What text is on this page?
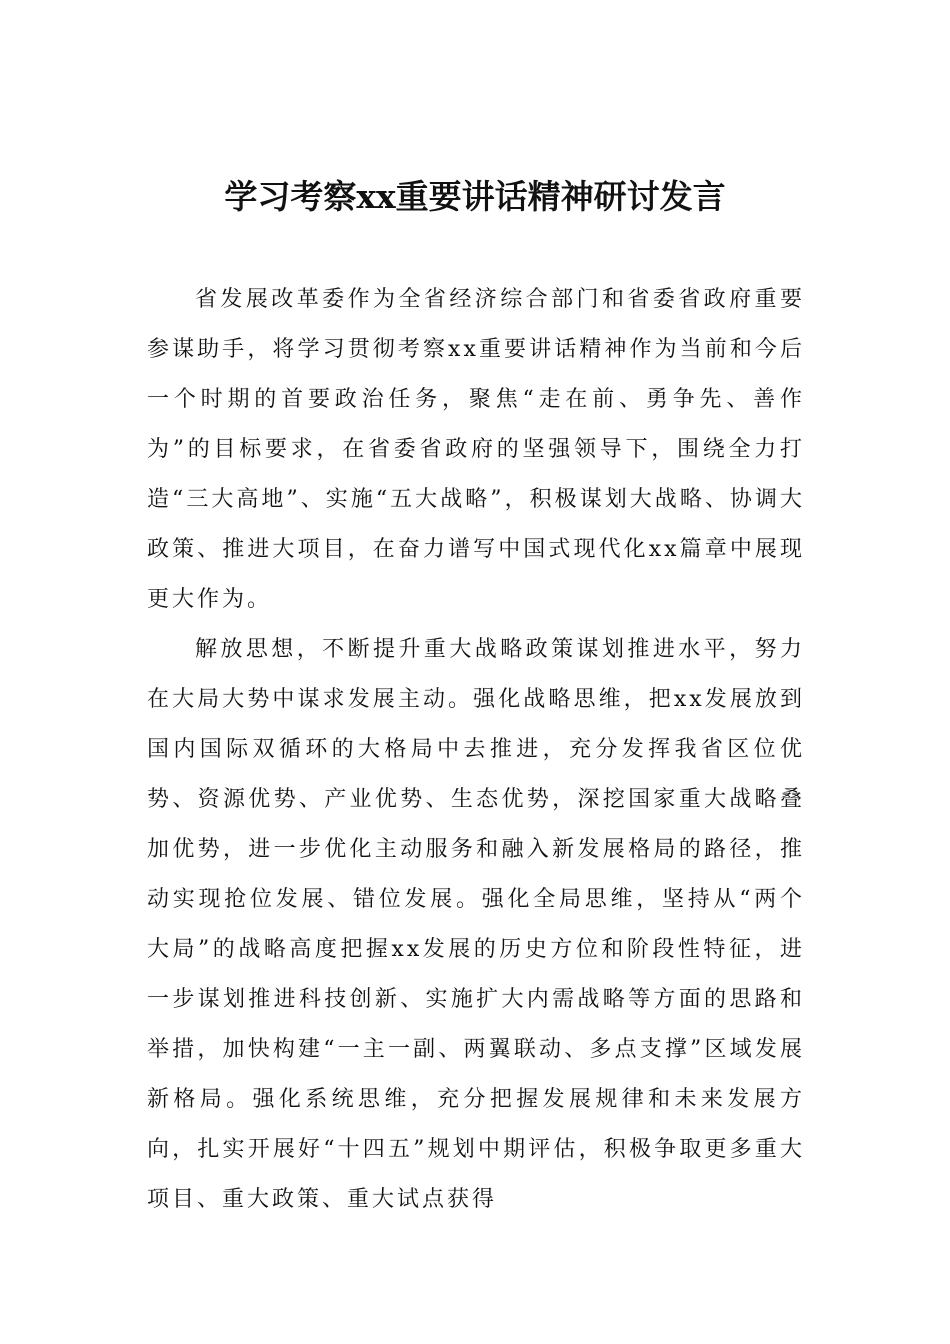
学习考察xx重要讲话精神研讨发言

省发展改革委作为全省经济综合部门和省委省政府重要参谋助手，将学习贯彻考察xx重要讲话精神作为当前和今后一个时期的首要政治任务，聚焦“走在前、勇争先、善作为”的目标要求，在省委省政府的坚强领导下，围绕全力打造“三大高地”、实施“五大战略”，积极谋划大战略、协调大政策、推进大项目，在奋力谱写中国式现代化xx篇章中展现更大作为。

解放思想，不断提升重大战略政策谋划推进水平，努力在大局大势中谋求发展主动。强化战略思维，把xx发展放到国内国际双循环的大格局中去推进，充分发挥我省区位优势、资源优势、产业优势、生态优势，深挖国家重大战略叠加优势，进一步优化主动服务和融入新发展格局的路径，推动实现抢位发展、错位发展。强化全局思维，坚持从“两个大局”的战略高度把握xx发展的历史方位和阶段性特征，进一步谋划推进科技创新、实施扩大内需战略等方面的思路和举措，加快构建“一主一副、两翼联动、多点支撑”区域发展新格局。强化系统思维，充分把握发展规律和未来发展方向，扎实开展好“十四五”规划中期评估，积极争取更多重大项目、重大政策、重大试点获得
